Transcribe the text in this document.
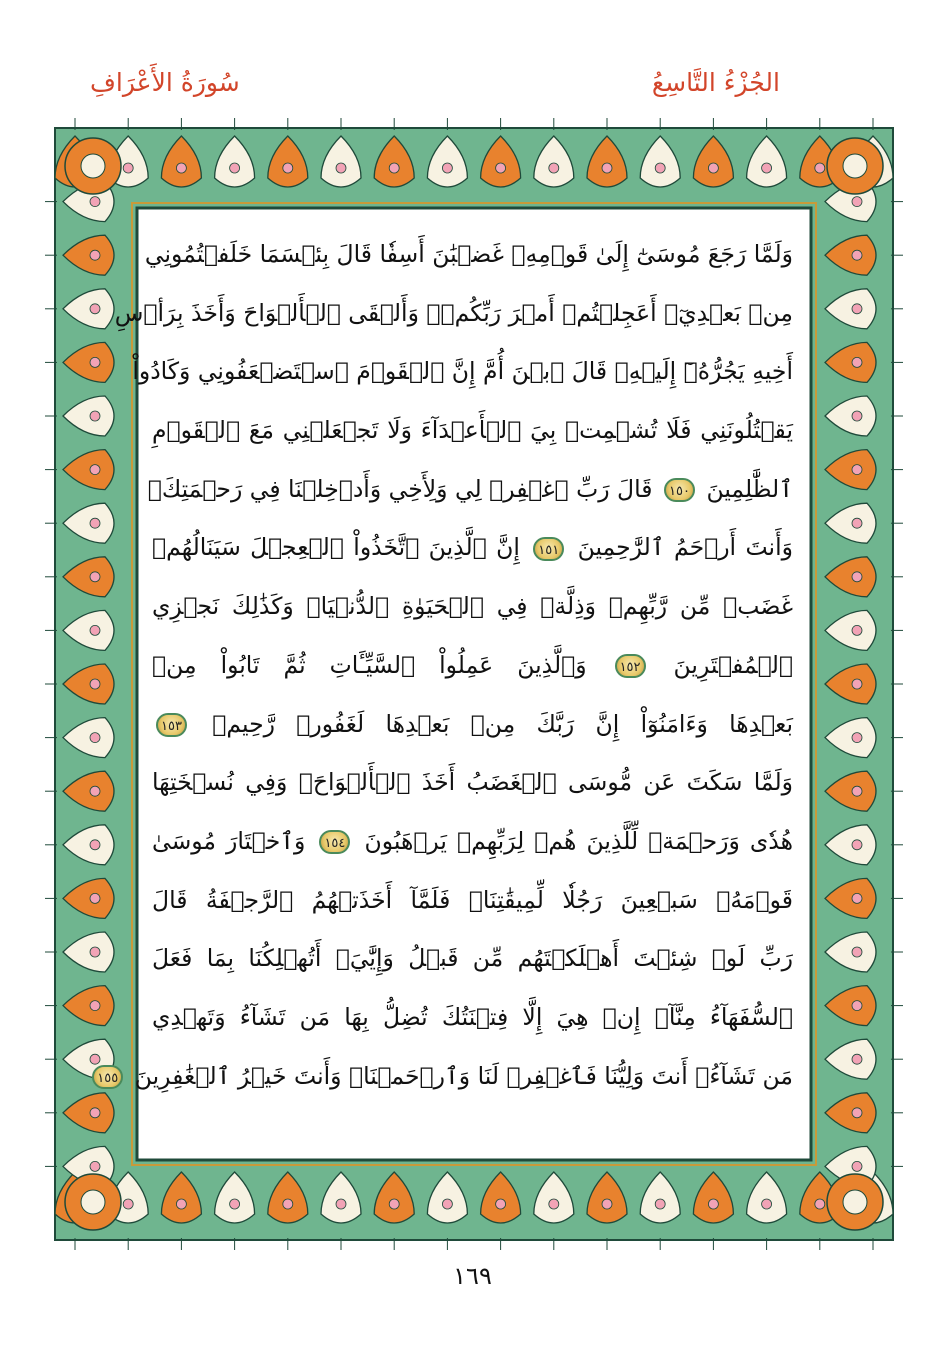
الجُزْءُ التَّاسِعُ
سُورَةُ الأَعْرَافِ
وَلَمَّا رَجَعَ مُوسَىٰٓ إِلَىٰ قَوۡمِهِۦ غَضۡبَٰنَ أَسِفٗا قَالَ بِئۡسَمَا خَلَفۡتُمُونِي
مِنۢ بَعۡدِيٓۖ أَعَجِلۡتُمۡ أَمۡرَ رَبِّكُمۡۖ وَأَلۡقَى ٱلۡأَلۡوَاحَ وَأَخَذَ بِرَأۡسِ
أَخِيهِ يَجُرُّهُۥٓ إِلَيۡهِۚ قَالَ ٱبۡنَ أُمَّ إِنَّ ٱلۡقَوۡمَ ٱسۡتَضۡعَفُونِي وَكَادُواْ
يَقۡتُلُونَنِي فَلَا تُشۡمِتۡ بِيَ ٱلۡأَعۡدَآءَ وَلَا تَجۡعَلۡنِي مَعَ ٱلۡقَوۡمِ
ٱلظَّٰلِمِينَ ١٥٠ قَالَ رَبِّ ٱغۡفِرۡ لِي وَلِأَخِي وَأَدۡخِلۡنَا فِي رَحۡمَتِكَۖ
وَأَنتَ أَرۡحَمُ ٱلرَّٰحِمِينَ ١٥١ إِنَّ ٱلَّذِينَ ٱتَّخَذُواْ ٱلۡعِجۡلَ سَيَنَالُهُمۡ
غَضَبٞ مِّن رَّبِّهِمۡ وَذِلَّةٞ فِي ٱلۡحَيَوٰةِ ٱلدُّنۡيَاۚ وَكَذَٰلِكَ نَجۡزِي
ٱلۡمُفۡتَرِينَ ١٥٢ وَٱلَّذِينَ عَمِلُواْ ٱلسَّيِّـَٔاتِ ثُمَّ تَابُواْ مِنۢ
بَعۡدِهَا وَءَامَنُوٓاْ إِنَّ رَبَّكَ مِنۢ بَعۡدِهَا لَغَفُورٞ رَّحِيمٞ ١٥٣
وَلَمَّا سَكَتَ عَن مُّوسَى ٱلۡغَضَبُ أَخَذَ ٱلۡأَلۡوَاحَۖ وَفِي نُسۡخَتِهَا
هُدٗى وَرَحۡمَةٞ لِّلَّذِينَ هُمۡ لِرَبِّهِمۡ يَرۡهَبُونَ ١٥٤ وَٱخۡتَارَ مُوسَىٰ
قَوۡمَهُۥ سَبۡعِينَ رَجُلٗا لِّمِيقَٰتِنَاۖ فَلَمَّآ أَخَذَتۡهُمُ ٱلرَّجۡفَةُ قَالَ
رَبِّ لَوۡ شِئۡتَ أَهۡلَكۡتَهُم مِّن قَبۡلُ وَإِيَّٰيَۖ أَتُهۡلِكُنَا بِمَا فَعَلَ
ٱلسُّفَهَآءُ مِنَّآۖ إِنۡ هِيَ إِلَّا فِتۡنَتُكَ تُضِلُّ بِهَا مَن تَشَآءُ وَتَهۡدِي
مَن تَشَآءُۖ أَنتَ وَلِيُّنَا فَٱغۡفِرۡ لَنَا وَٱرۡحَمۡنَاۖ وَأَنتَ خَيۡرُ ٱلۡغَٰفِرِينَ ١٥٥
١٦٩
